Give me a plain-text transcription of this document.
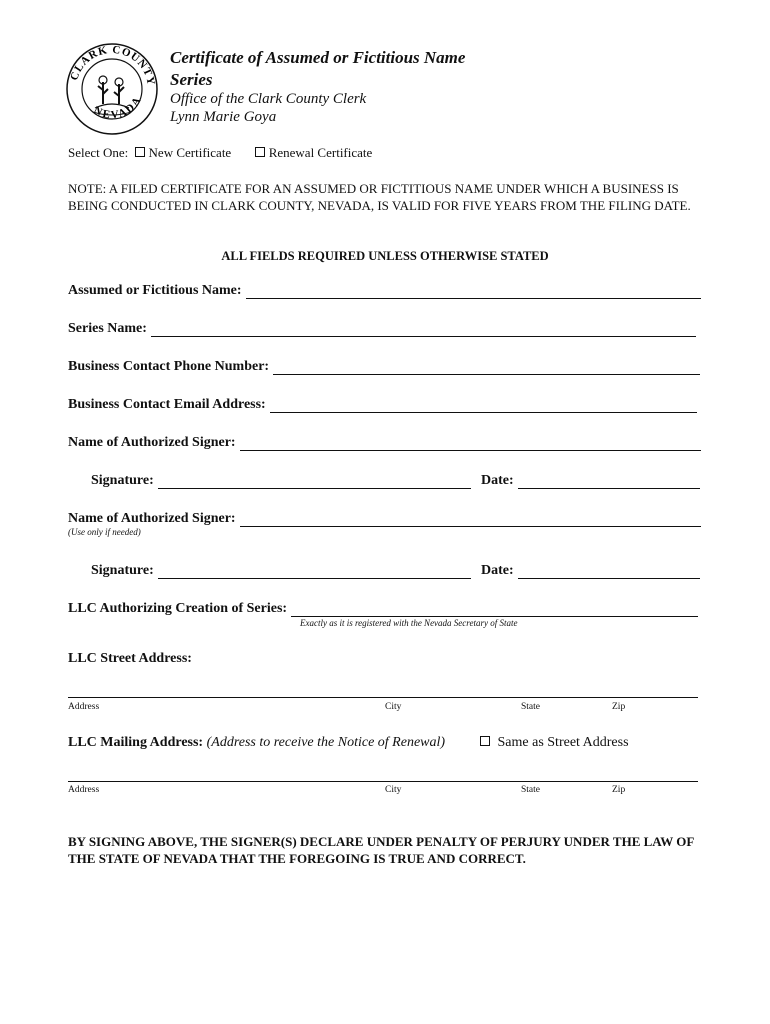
CLARK COUNTY
NEVADA
Certificate of Assumed or Fictitious Name
Series
Office of the Clark County Clerk
Lynn Marie Goya
Select One: New Certificate	Renewal Certificate
NOTE: A FILED CERTIFICATE FOR AN ASSUMED OR FICTITIOUS NAME UNDER WHICH A BUSINESS IS BEING CONDUCTED IN CLARK COUNTY, NEVADA, IS VALID FOR FIVE YEARS FROM THE FILING DATE.
ALL FIELDS REQUIRED UNLESS OTHERWISE STATED
Assumed or Fictitious Name:
Series Name:
Business Contact Phone Number:
Business Contact Email Address:
Name of Authorized Signer:
Signature:	Date:
Name of Authorized Signer:
(Use only if needed)
Signature:	Date:
LLC Authorizing Creation of Series:
Exactly as it is registered with the Nevada Secretary of State
LLC Street Address:
Address	City	State	Zip
LLC Mailing Address: (Address to receive the Notice of Renewal)	Same as Street Address
Address	City	State	Zip
BY SIGNING ABOVE, THE SIGNER(S) DECLARE UNDER PENALTY OF PERJURY UNDER THE LAW OF THE STATE OF NEVADA THAT THE FOREGOING IS TRUE AND CORRECT.
